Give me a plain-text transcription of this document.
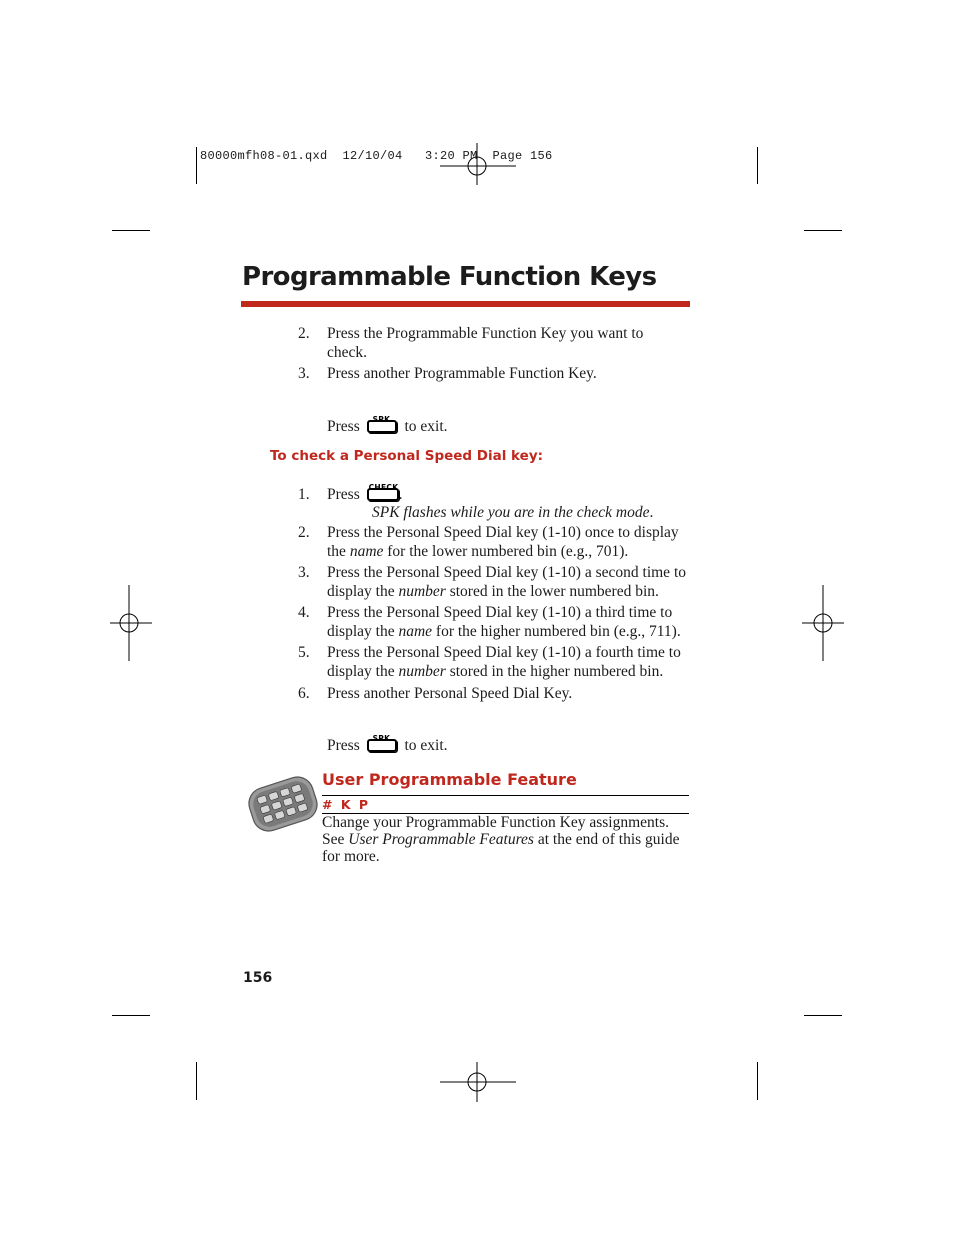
80000mfh08-01.qxd  12/10/04   3:20 PM  Page 156
Programmable Function Keys
2.	Press the Programmable Function Key you want to check.
3.	Press another Programmable Function Key.
Press SPK to exit.
To check a Personal Speed Dial key:
1.	Press CHECK .
SPK flashes while you are in the check mode.
2.	Press the Personal Speed Dial key (1-10) once to display the name for the lower numbered bin (e.g., 701).
3.	Press the Personal Speed Dial key (1-10) a second time to display the number stored in the lower numbered bin.
4.	Press the Personal Speed Dial key (1-10) a third time to display the name for the higher numbered bin (e.g., 711).
5.	Press the Personal Speed Dial key (1-10) a fourth time to display the number stored in the higher numbered bin.
6.	Press another Personal Speed Dial Key.
Press SPK to exit.
User Programmable Feature
# K P
Change your Programmable Function Key assignments. See User Programmable Features at the end of this guide for more.
156
